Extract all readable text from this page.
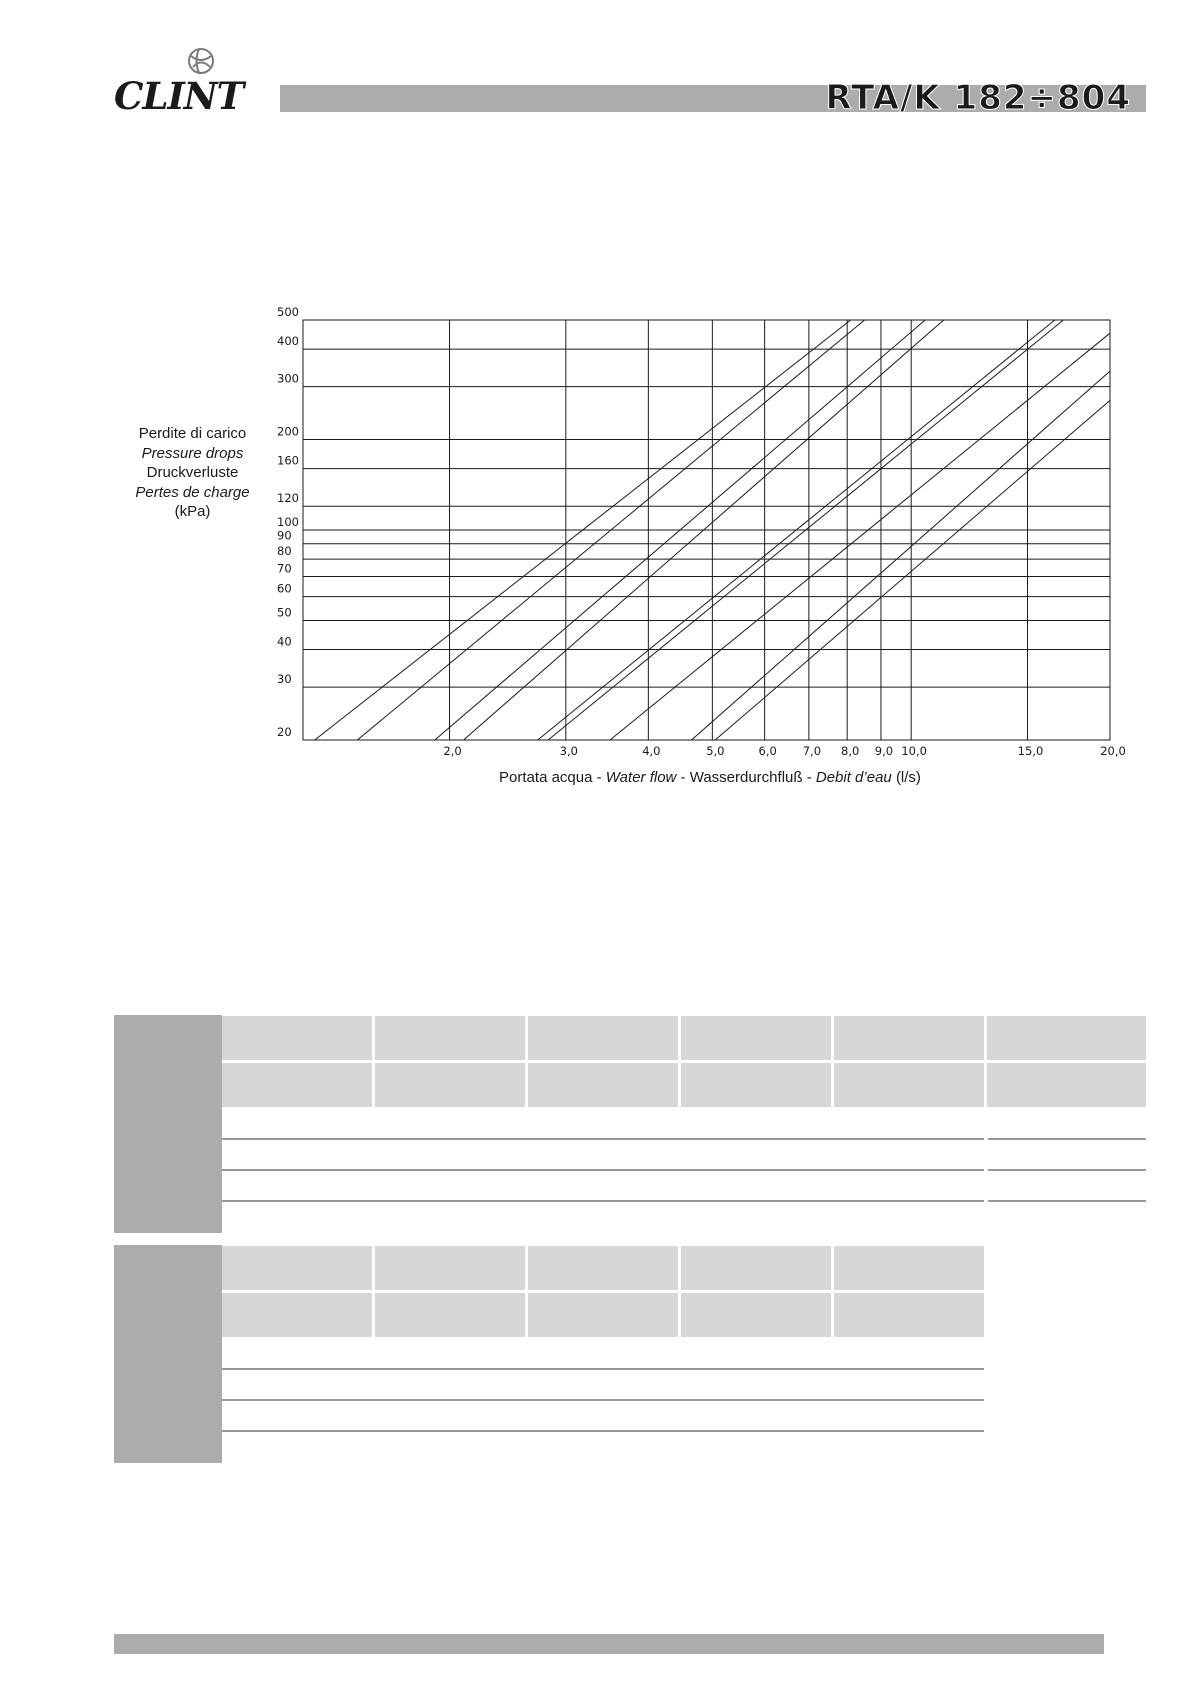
CLINT	RTA/K 182÷804
Perdite di carico
Pressure drops
Druckverluste
Pertes de charge
(kPa)
20
30
40
50
60
70
80
90
100
120
160
200
300
400
500
2,0	3,0	4,0	5,0	6,0 7,0 8,0 9,0 10,0	15,0	20,0
Portata acqua - Water flow - Wasserdurchfluß - Debit d’eau (l/s)
